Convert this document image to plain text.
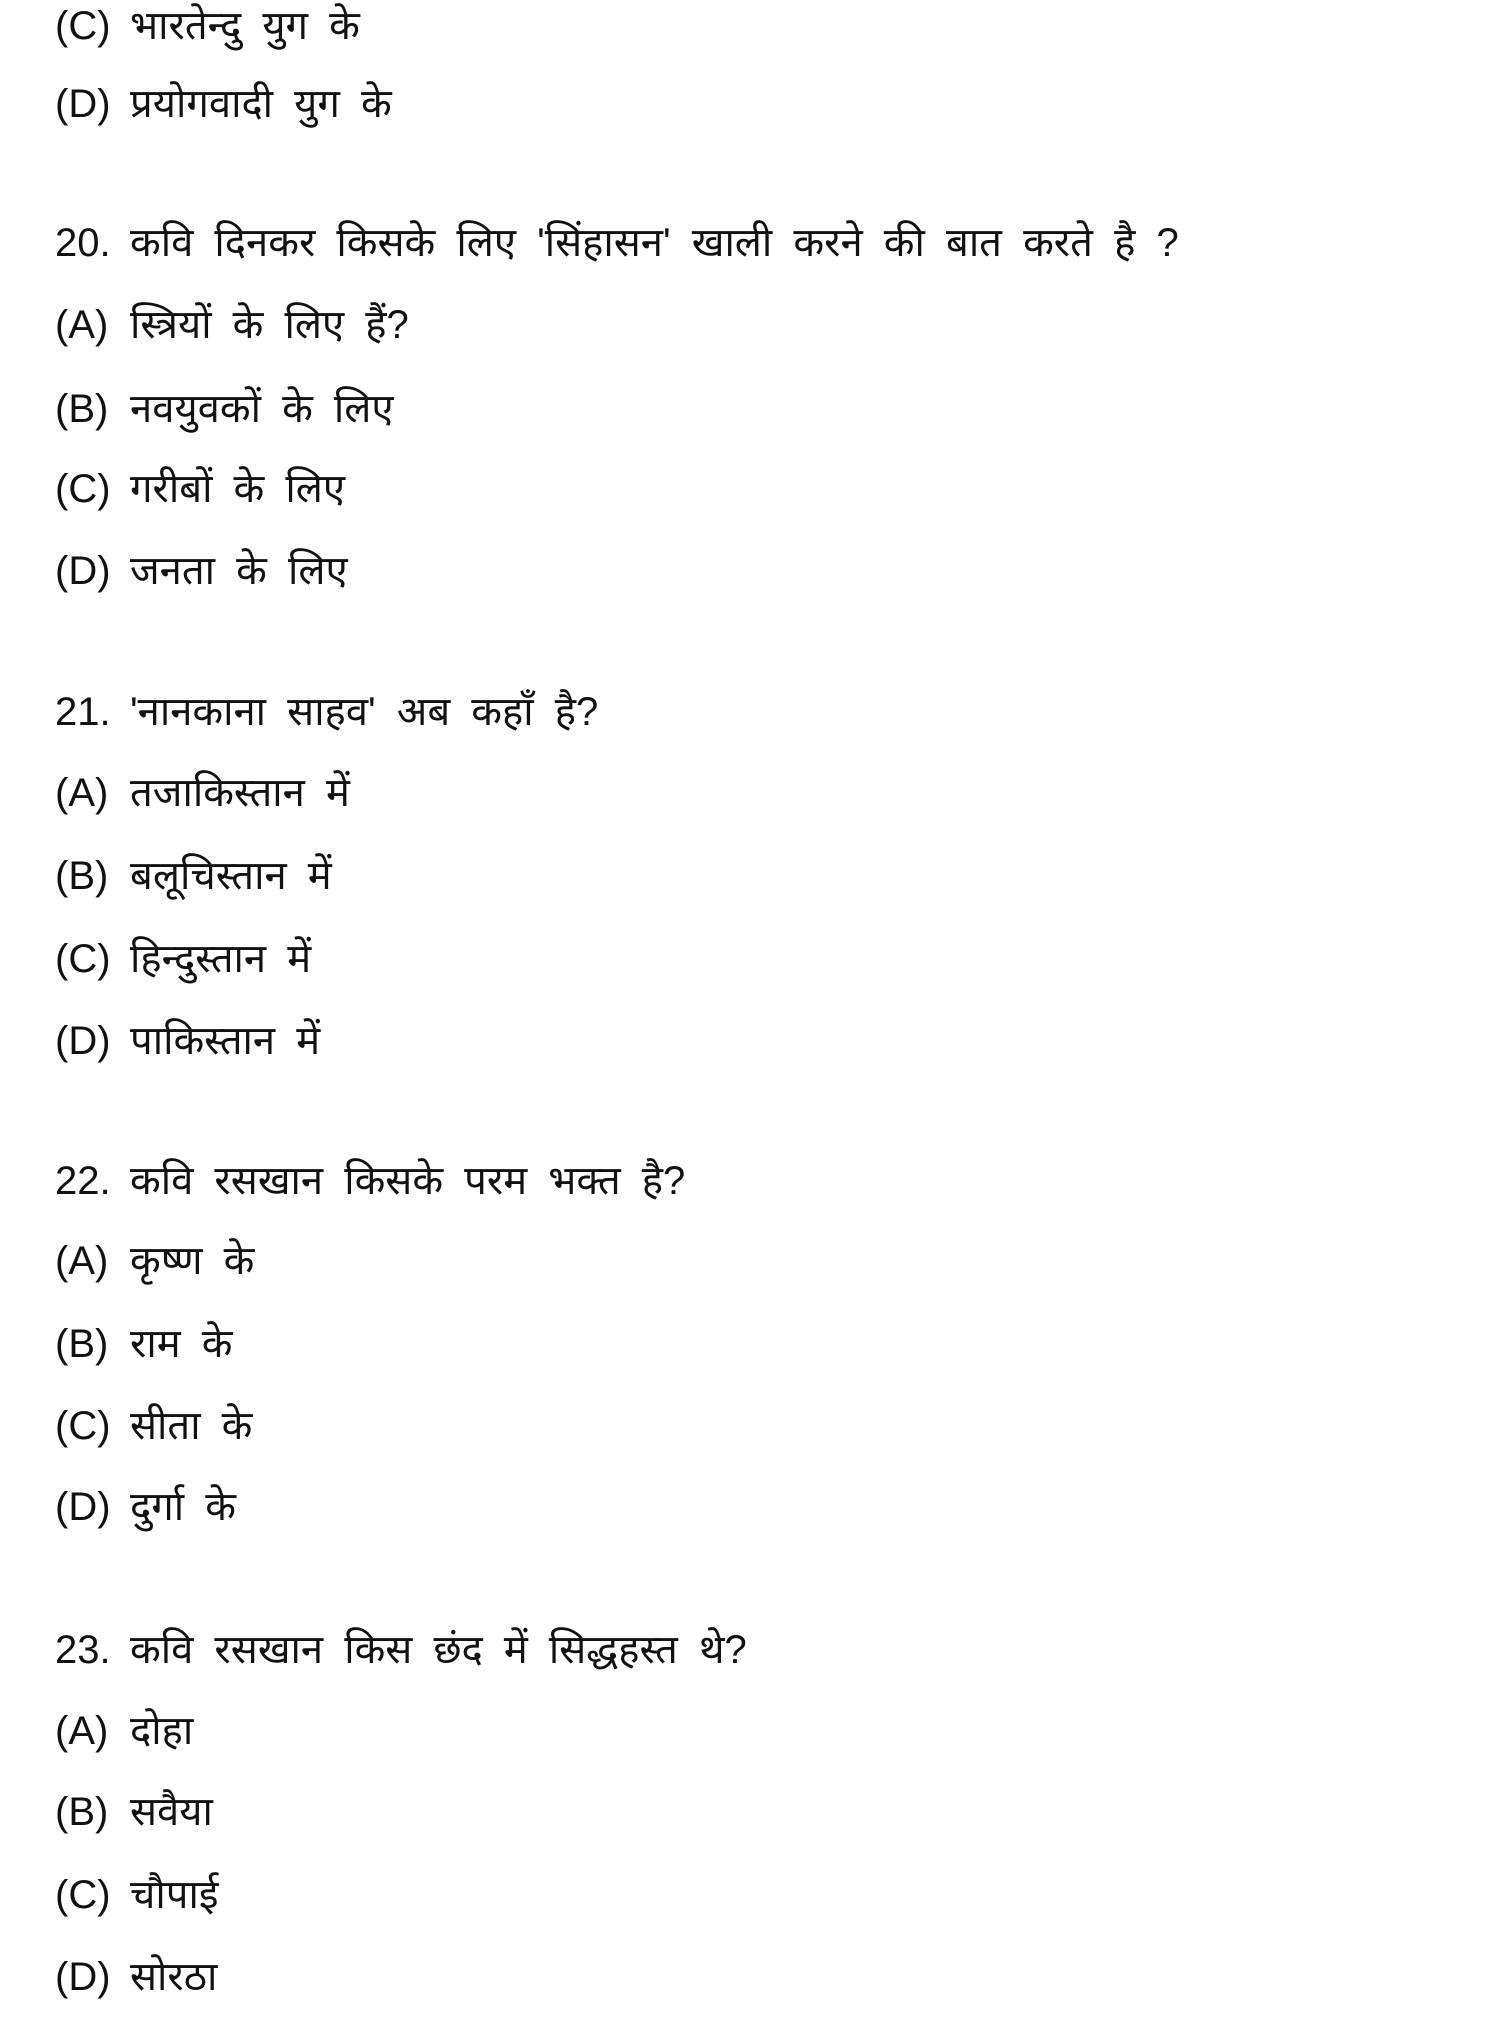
(C) भारतेन्दु युग के
(D) प्रयोगवादी युग के
20. कवि दिनकर किसके लिए 'सिंहासन' खाली करने की बात करते है ?
(A) स्त्रियों के लिए हैं?
(B) नवयुवकों के लिए
(C) गरीबों के लिए
(D) जनता के लिए
21. 'नानकाना साहव' अब कहाँ है?
(A) तजाकिस्तान में
(B) बलूचिस्तान में
(C) हिन्दुस्तान में
(D) पाकिस्तान में
22. कवि रसखान किसके परम भक्त है?
(A) कृष्ण के
(B) राम के
(C) सीता के
(D) दुर्गा के
23. कवि रसखान किस छंद में सिद्धहस्त थे?
(A) दोहा
(B) सवैया
(C) चौपाई
(D) सोरठा
